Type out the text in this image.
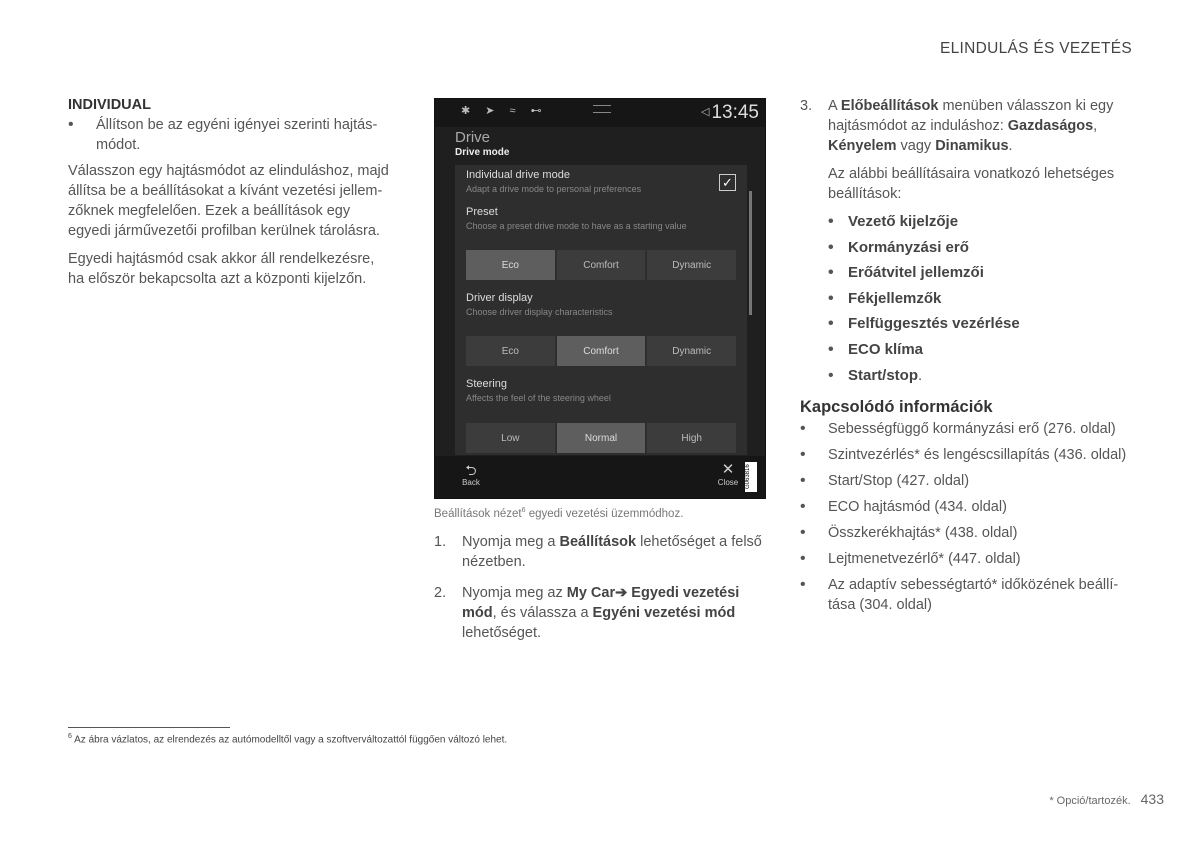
ELINDULÁS ÉS VEZETÉS
INDIVIDUAL
• Állítson be az egyéni igényei szerinti hajtás- módot.
Válasszon egy hajtásmódot az elinduláshoz, majd állítsa be a beállításokat a kívánt vezetési jellem- zőknek megfelelően. Ezek a beállítások egy egyedi járművezetői profilban kerülnek tárolásra.
Egyedi hajtásmód csak akkor áll rendelkezésre, ha először bekapcsolta azt a központi kijelzőn.
✱ ➤ ≈ ⊷	◁ 13:45
Drive
Drive mode
Individual drive mode
Adapt a drive mode to personal preferences	✓
Preset
Choose a preset drive mode to have as a starting value
Eco	Comfort	Dynamic
Driver display
Choose driver display characteristics
Eco	Comfort	Dynamic
Steering
Affects the feel of the steering wheel
Low	Normal	High
⮌
Back
✕
Close	G063816
Beállítások nézet$^6$ egyedi vezetési üzemmódhoz.
1. Nyomja meg a Beállítások lehetőséget a felső nézetben.
2. Nyomja meg az My Car➔ Egyedi vezetési mód, és válassza a Egyéni vezetési mód lehetőséget.
3. A Előbeállítások menüben válasszon ki egy hajtásmódot az induláshoz: Gazdaságos, Kényelem vagy Dinamikus.
Az alábbi beállításaira vonatkozó lehetséges beállítások:
• Vezető kijelzője
• Kormányzási erő
• Erőátvitel jellemzői
• Fékjellemzők
• Felfüggesztés vezérlése
• ECO klíma
• Start/stop.
Kapcsolódó információk
• Sebességfüggő kormányzási erő (276. oldal)
• Szintvezérlés* és lengéscsillapítás (436. oldal)
• Start/Stop (427. oldal)
• ECO hajtásmód (434. oldal)
• Összkerékhajtás* (438. oldal)
• Lejtmenetvezérlő* (447. oldal)
• Az adaptív sebességtartó* időközének beállí- tása (304. oldal)
$^6$ Az ábra vázlatos, az elrendezés az autómodelltől vagy a szoftverváltozattól függően változó lehet.
* Opció/tartozék. 433
